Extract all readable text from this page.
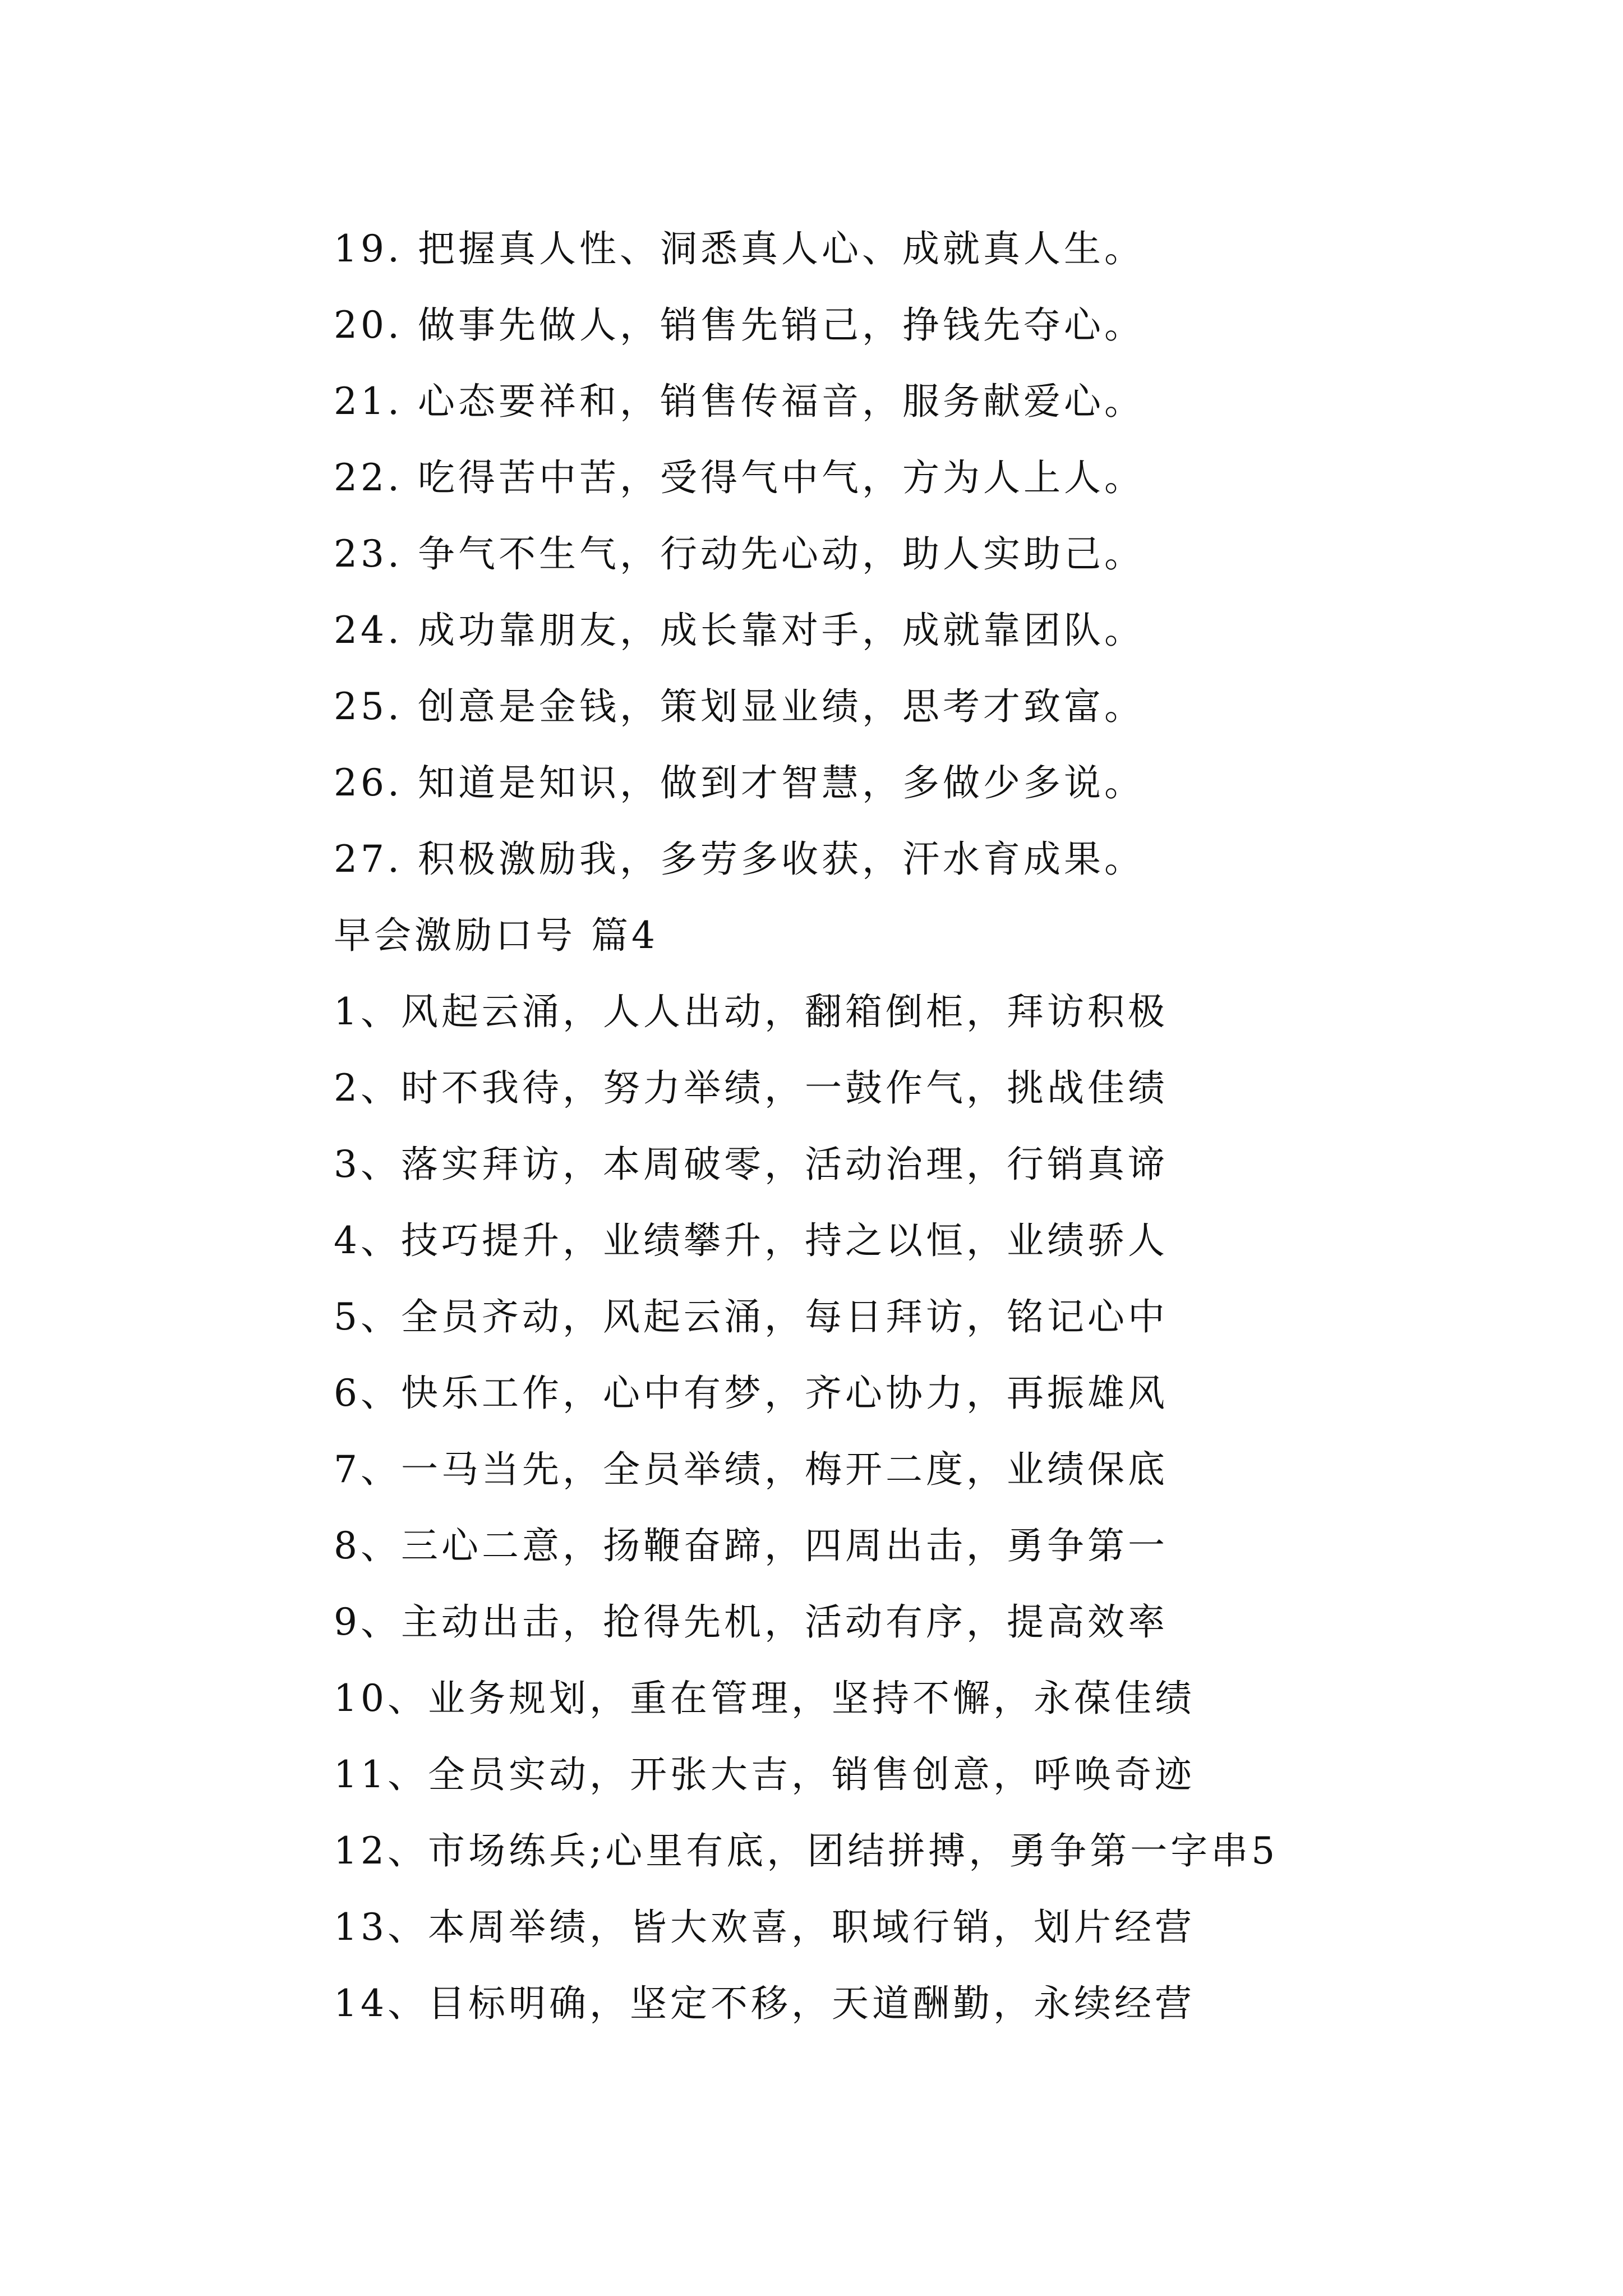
19. 把握真人性、洞悉真人心、成就真人生。
20. 做事先做人，销售先销己，挣钱先夺心。
21. 心态要祥和，销售传福音，服务献爱心。
22. 吃得苦中苦，受得气中气，方为人上人。
23. 争气不生气，行动先心动，助人实助己。
24. 成功靠朋友，成长靠对手，成就靠团队。
25. 创意是金钱，策划显业绩，思考才致富。
26. 知道是知识，做到才智慧，多做少多说。
27. 积极激励我，多劳多收获，汗水育成果。
早会激励口号 篇4
1、风起云涌，人人出动，翻箱倒柜，拜访积极
2、时不我待，努力举绩，一鼓作气，挑战佳绩
3、落实拜访，本周破零，活动治理，行销真谛
4、技巧提升，业绩攀升，持之以恒，业绩骄人
5、全员齐动，风起云涌，每日拜访，铭记心中
6、快乐工作，心中有梦，齐心协力，再振雄风
7、一马当先，全员举绩，梅开二度，业绩保底
8、三心二意，扬鞭奋蹄，四周出击，勇争第一
9、主动出击，抢得先机，活动有序，提高效率
10、业务规划，重在管理，坚持不懈，永葆佳绩
11、全员实动，开张大吉，销售创意，呼唤奇迹
12、市场练兵;心里有底，团结拼搏，勇争第一字串5
13、本周举绩，皆大欢喜，职域行销，划片经营
14、目标明确，坚定不移，天道酬勤，永续经营
